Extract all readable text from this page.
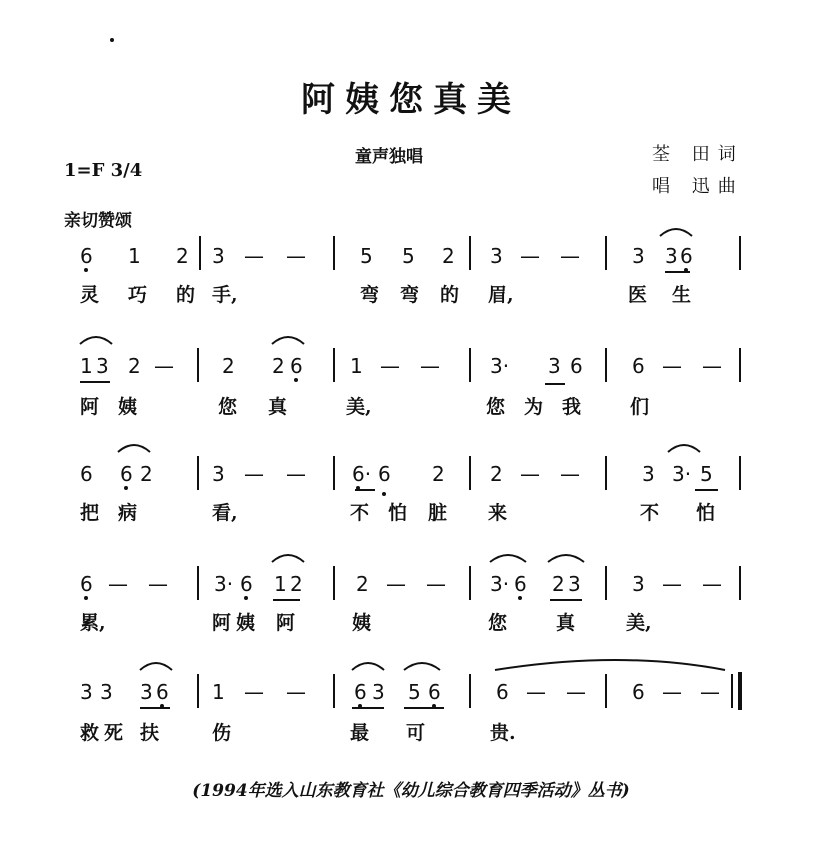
阿姨您真美
童声独唱	荃 田词
唱 迅曲
1=F 3/4
亲切赞颂
6 1 2 3 — —	5 5 2 3 — —	3 3 6
灵 巧 的 手,	弯 弯 的 眉,	医 生
1 3 2 — 2 2 6 1 — —	3· 3 6 6 — —
阿 姨	您 真	美,	您 为 我	们
6 6 2	3 — — 6· 6 2 2 — —	3 3· 5
把 病	看,	不 怕 脏 来	不 怕
6 — — 3· 6 1 2	2 — — 3· 6 2 3	3 — —
累,	阿 姨 阿	姨	您	真	美,
3 3 3 6 1 — — 6 3 5 6	6 — — 6 — —
救 死 扶	伤	最 可	贵.
(1994年选入山东教育社《幼儿综合教育四季活动》丛书)
